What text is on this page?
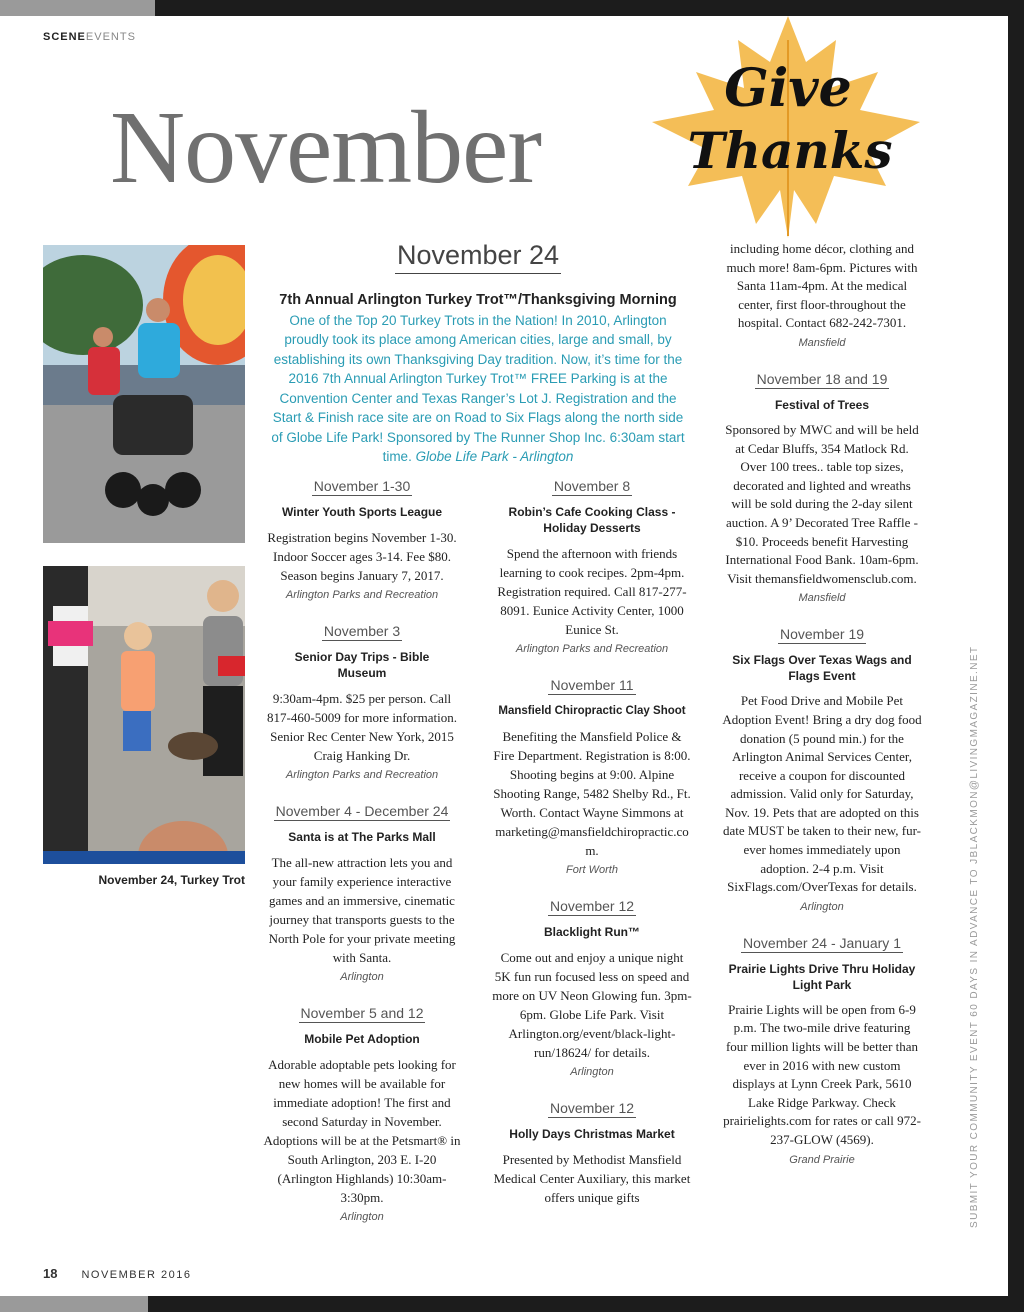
SCENEEVENTS
November
Give
Thanks
November 24, Turkey Trot
November 24
7th Annual Arlington Turkey Trot™/Thanksgiving Morning One of the Top 20 Turkey Trots in the Nation! In 2010, Arlington proudly took its place among American cities, large and small, by establishing its own Thanksgiving Day tradition. Now, it’s time for the 2016 7th Annual Arlington Turkey Trot™ FREE Parking is at the Convention Center and Texas Ranger’s Lot J. Registration and the Start & Finish race site are on Road to Six Flags along the north side of Globe Life Park! Sponsored by The Runner Shop Inc. 6:30am start time. Globe Life Park - Arlington
November 1-30
Winter Youth Sports League
Registration begins November 1-30. Indoor Soccer ages 3-14. Fee $80. Season begins January 7, 2017.
Arlington Parks and Recreation
November 3
Senior Day Trips - Bible Museum
9:30am-4pm. $25 per person. Call 817-460-5009 for more information. Senior Rec Center New York, 2015 Craig Hanking Dr.
Arlington Parks and Recreation
November 4 - December 24
Santa is at The Parks Mall
The all-new attraction lets you and your family experience interactive games and an immersive, cinematic journey that transports guests to the North Pole for your private meeting with Santa.
Arlington
November 5 and 12
Mobile Pet Adoption
Adorable adoptable pets looking for new homes will be available for immediate adoption! The first and second Saturday in November. Adoptions will be at the Petsmart® in South Arlington, 203 E. I-20 (Arlington Highlands) 10:30am-3:30pm.
Arlington
November 8
Robin’s Cafe Cooking Class - Holiday Desserts
Spend the afternoon with friends learning to cook recipes. 2pm-4pm. Registration required. Call 817-277-8091. Eunice Activity Center, 1000 Eunice St.
Arlington Parks and Recreation
November 11
Mansfield Chiropractic Clay Shoot
Benefiting the Mansfield Police & Fire Department. Registration is 8:00. Shooting begins at 9:00. Alpine Shooting Range, 5482 Shelby Rd., Ft. Worth. Contact Wayne Simmons at marketing@mansfieldchiropractic.com.
Fort Worth
November 12
Blacklight Run™
Come out and enjoy a unique night 5K fun run focused less on speed and more on UV Neon Glowing fun. 3pm-6pm. Globe Life Park. Visit Arlington.org/event/black-light-run/18624/ for details.
Arlington
November 12
Holly Days Christmas Market
Presented by Methodist Mansfield Medical Center Auxiliary, this market offers unique gifts
including home décor, clothing and much more! 8am-6pm. Pictures with Santa 11am-4pm. At the medical center, first floor-throughout the hospital. Contact 682-242-7301.
Mansfield
November 18 and 19
Festival of Trees
Sponsored by MWC and will be held at Cedar Bluffs, 354 Matlock Rd. Over 100 trees.. table top sizes, decorated and lighted and wreaths will be sold during the 2-day silent auction. A 9’ Decorated Tree Raffle - $10. Proceeds benefit Harvesting International Food Bank. 10am-6pm. Visit themansfieldwomensclub.com.
Mansfield
November 19
Six Flags Over Texas Wags and Flags Event
Pet Food Drive and Mobile Pet Adoption Event! Bring a dry dog food donation (5 pound min.) for the Arlington Animal Services Center, receive a coupon for discounted admission. Valid only for Saturday, Nov. 19. Pets that are adopted on this date MUST be taken to their new, fur-ever homes immediately upon adoption. 2-4 p.m. Visit SixFlags.com/OverTexas for details.
Arlington
November 24 - January 1
Prairie Lights Drive Thru Holiday Light Park
Prairie Lights will be open from 6-9 p.m. The two-mile drive featuring four million lights will be better than ever in 2016 with new custom displays at Lynn Creek Park, 5610 Lake Ridge Parkway. Check prairielights.com for rates or call 972-237-GLOW (4569).
Grand Prairie	SUBMIT YOUR COMMUNITY EVENT 60 DAYS IN ADVANCE TO JBLACKMON@LIVINGMAGAZINE.NET
18 NOVEMBER 2016
